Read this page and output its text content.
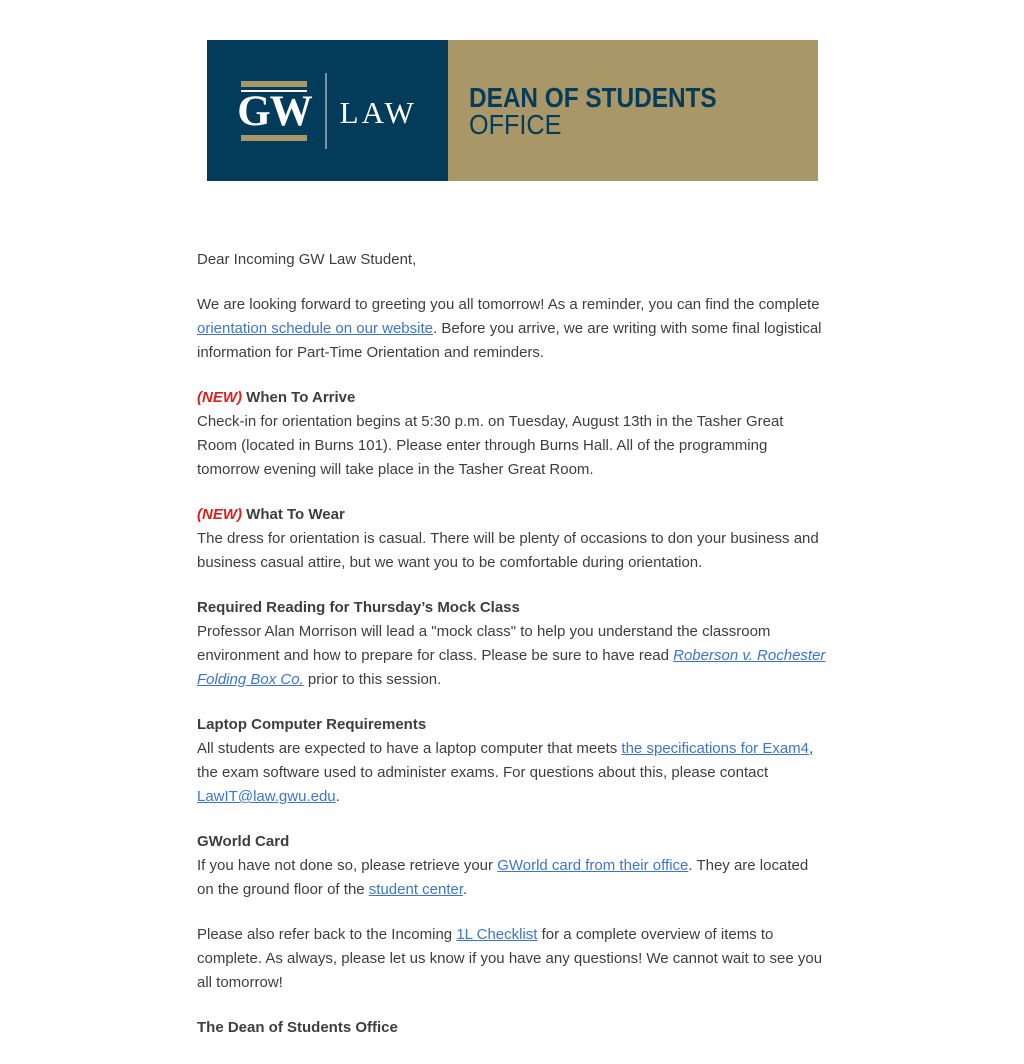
GW LAW DEAN OF STUDENTS
OFFICE

Dear Incoming GW Law Student,

We are looking forward to greeting you all tomorrow! As a reminder, you can find the complete orientation schedule on our website. Before you arrive, we are writing with some final logistical information for Part-Time Orientation and reminders.

(NEW) When To Arrive
Check-in for orientation begins at 5:30 p.m. on Tuesday, August 13th in the Tasher Great Room (located in Burns 101). Please enter through Burns Hall. All of the programming tomorrow evening will take place in the Tasher Great Room.

(NEW) What To Wear
The dress for orientation is casual. There will be plenty of occasions to don your business and business casual attire, but we want you to be comfortable during orientation.

Required Reading for Thursday’s Mock Class
Professor Alan Morrison will lead a "mock class" to help you understand the classroom environment and how to prepare for class. Please be sure to have read Roberson v. Rochester Folding Box Co. prior to this session.

Laptop Computer Requirements
All students are expected to have a laptop computer that meets the specifications for Exam4, the exam software used to administer exams. For questions about this, please contact LawIT@law.gwu.edu.

GWorld Card
If you have not done so, please retrieve your GWorld card from their office. They are located on the ground floor of the student center.

Please also refer back to the Incoming 1L Checklist for a complete overview of items to complete. As always, please let us know if you have any questions! We cannot wait to see you all tomorrow!

The Dean of Students Office
